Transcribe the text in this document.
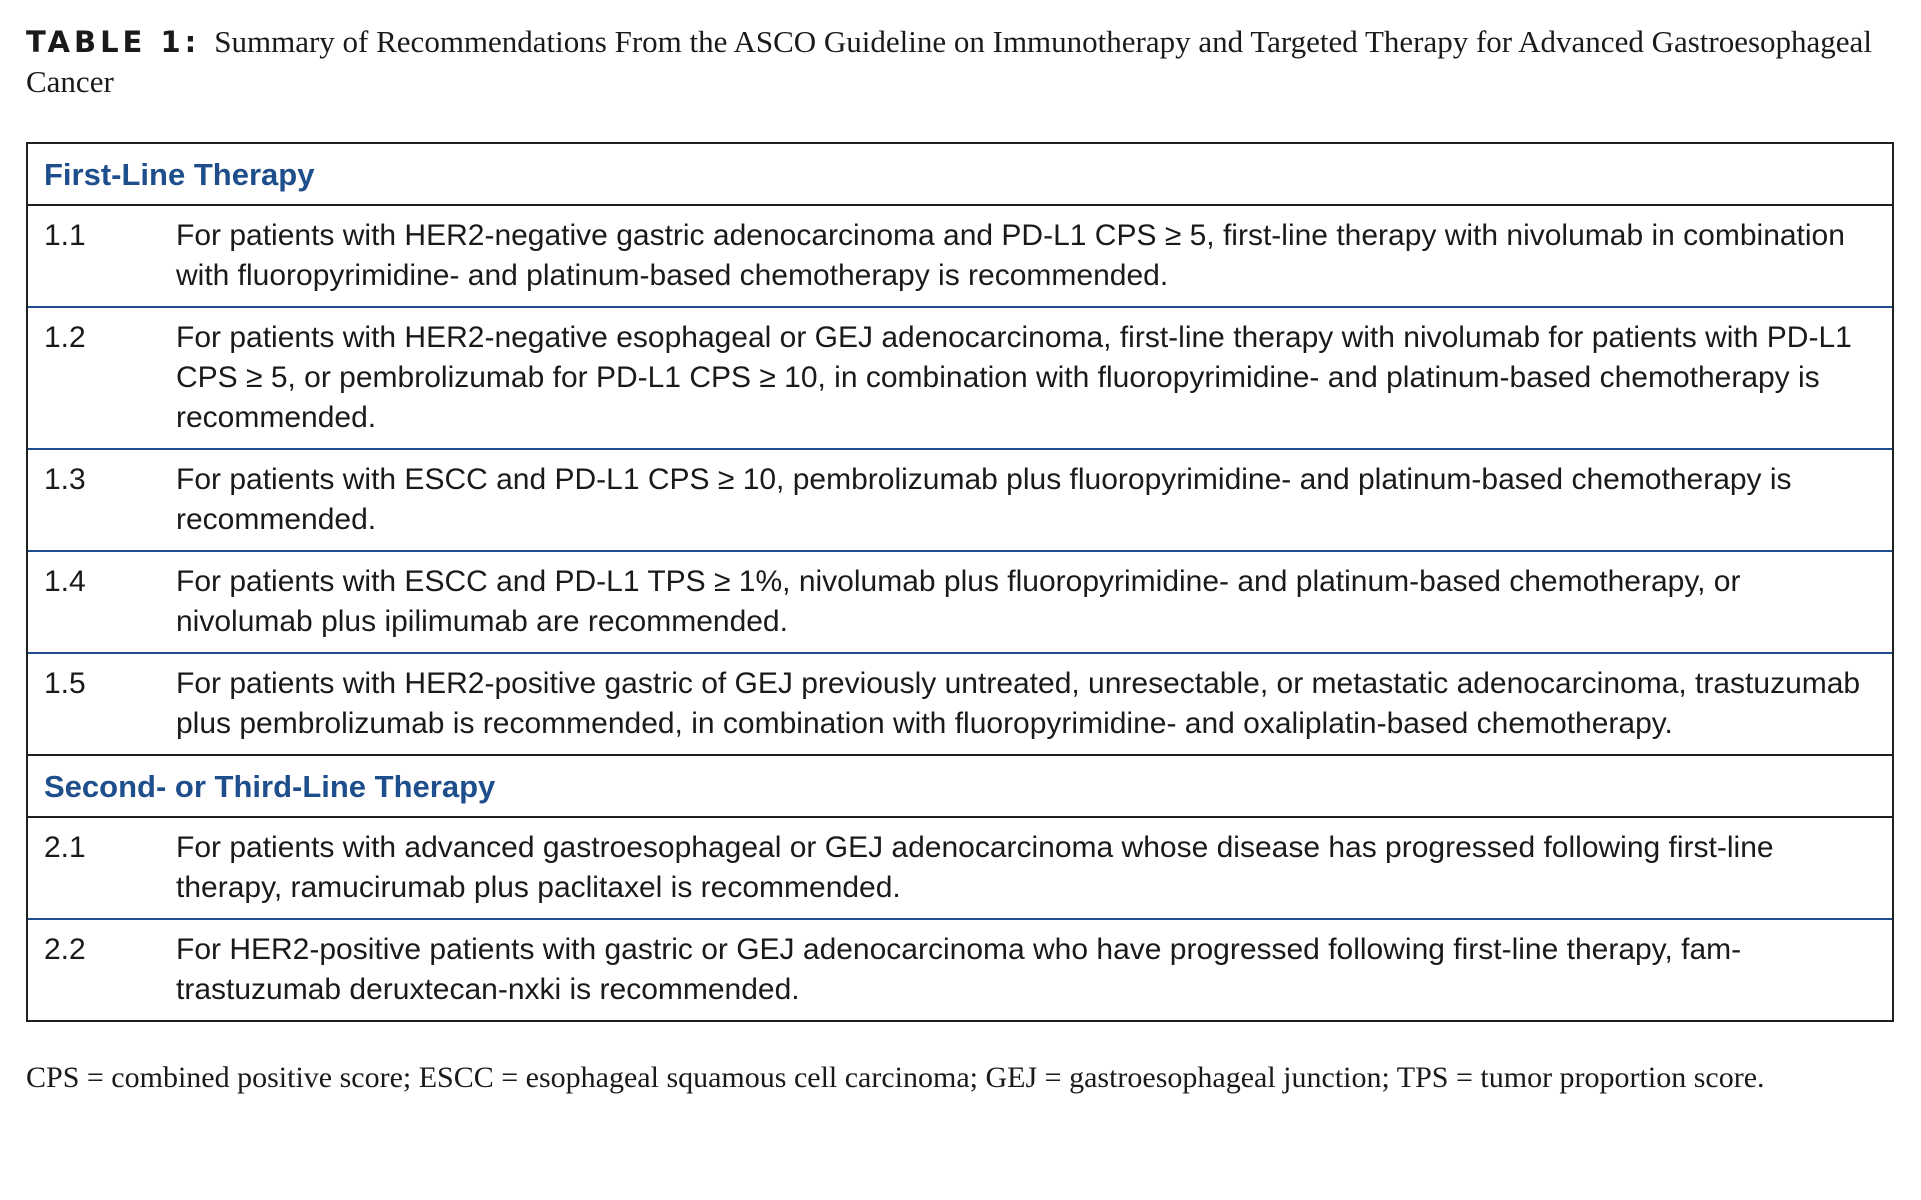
TABLE 1: Summary of Recommendations From the ASCO Guideline on Immunotherapy and Targeted Therapy for Advanced Gastroesophageal Cancer

First-Line Therapy
1.1	For patients with HER2-negative gastric adenocarcinoma and PD-L1 CPS ≥ 5, first-line therapy with nivolumab in combination with fluoropyrimidine- and platinum-based chemotherapy is recommended.
1.2	For patients with HER2-negative esophageal or GEJ adenocarcinoma, first-line therapy with nivolumab for patients with PD-L1 CPS ≥ 5, or pembrolizumab for PD-L1 CPS ≥ 10, in combination with fluoropyrimidine- and platinum-based chemotherapy is recommended.
1.3	For patients with ESCC and PD-L1 CPS ≥ 10, pembrolizumab plus fluoropyrimidine- and platinum-based chemotherapy is recommended.
1.4	For patients with ESCC and PD-L1 TPS ≥ 1%, nivolumab plus fluoropyrimidine- and platinum-based chemotherapy, or nivolumab plus ipilimumab are recommended.
1.5	For patients with HER2-positive gastric of GEJ previously untreated, unresectable, or metastatic adenocarcinoma, trastuzumab plus pembrolizumab is recommended, in combination with fluoropyrimidine- and oxaliplatin-based chemotherapy.
Second- or Third-Line Therapy
2.1	For patients with advanced gastroesophageal or GEJ adenocarcinoma whose disease has progressed following first-line therapy, ramucirumab plus paclitaxel is recommended.
2.2	For HER2-positive patients with gastric or GEJ adenocarcinoma who have progressed following first-line therapy, fam-trastuzumab deruxtecan-nxki is recommended.
CPS = combined positive score; ESCC = esophageal squamous cell carcinoma; GEJ = gastroesophageal junction; TPS = tumor proportion score.
